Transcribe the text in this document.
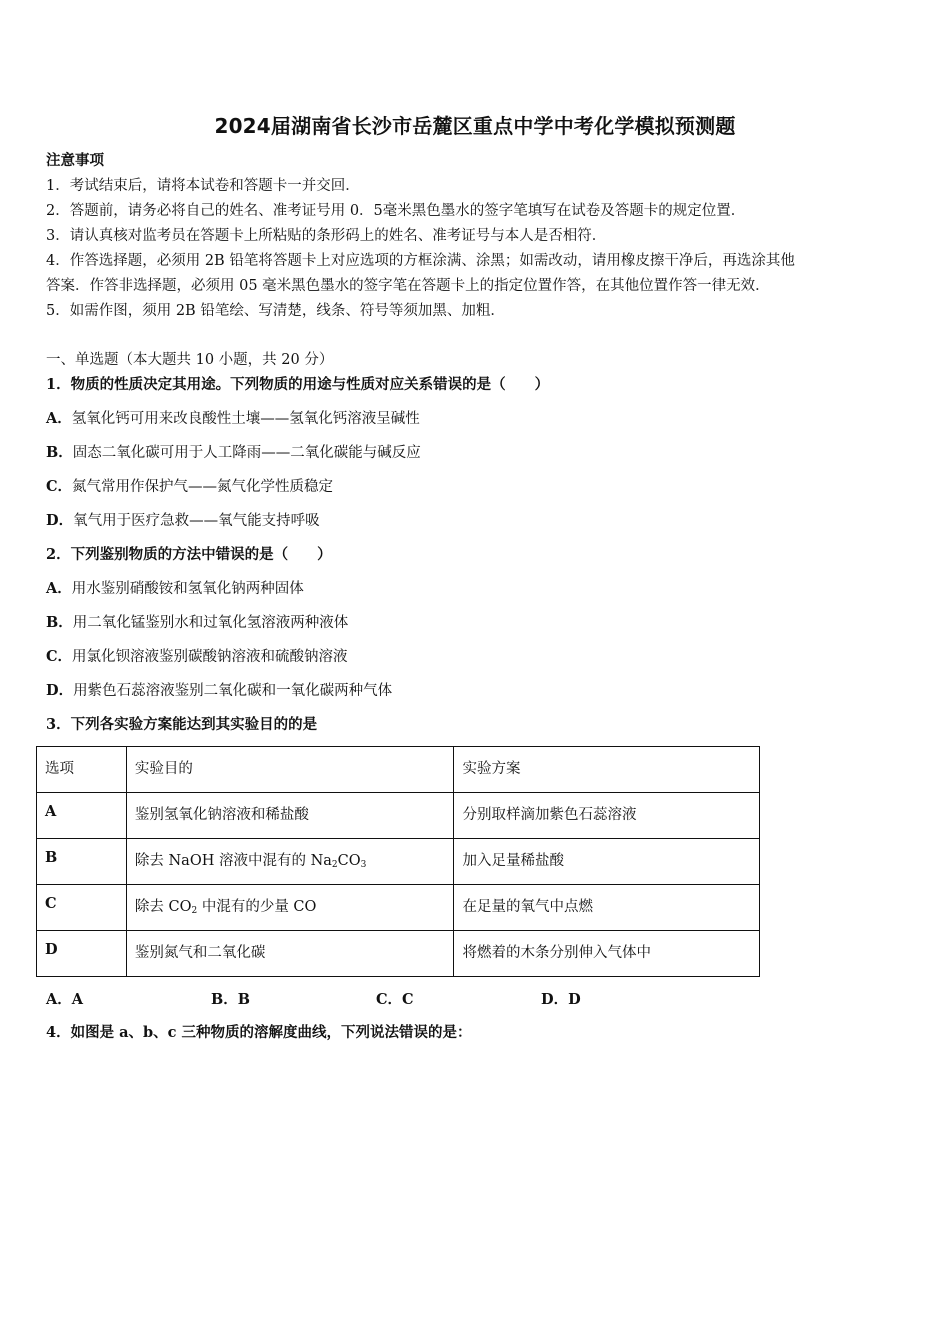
2024届湖南省长沙市岳麓区重点中学中考化学模拟预测题
注意事项
1．考试结束后，请将本试卷和答题卡一并交回．
2．答题前，请务必将自己的姓名、准考证号用 0．5毫米黑色墨水的签字笔填写在试卷及答题卡的规定位置．
3．请认真核对监考员在答题卡上所粘贴的条形码上的姓名、准考证号与本人是否相符．
4．作答选择题，必须用 2B 铅笔将答题卡上对应选项的方框涂满、涂黑；如需改动，请用橡皮擦干净后，再选涂其他
答案．作答非选择题，必须用 05 毫米黑色墨水的签字笔在答题卡上的指定位置作答，在其他位置作答一律无效．
5．如需作图，须用 2B 铅笔绘、写清楚，线条、符号等须加黑、加粗．
一、单选题（本大题共 10 小题，共 20 分）
1．物质的性质决定其用途。下列物质的用途与性质对应关系错误的是（　　）
A．氢氧化钙可用来改良酸性土壤——氢氧化钙溶液呈碱性
B．固态二氧化碳可用于人工降雨——二氧化碳能与碱反应
C．氮气常用作保护气——氮气化学性质稳定
D．氧气用于医疗急救——氧气能支持呼吸
2．下列鉴别物质的方法中错误的是（　　）
A．用水鉴别硝酸铵和氢氧化钠两种固体
B．用二氧化锰鉴别水和过氧化氢溶液两种液体
C．用氯化钡溶液鉴别碳酸钠溶液和硫酸钠溶液
D．用紫色石蕊溶液鉴别二氧化碳和一氧化碳两种气体
3．下列各实验方案能达到其实验目的的是
选项	实验目的	实验方案
A	鉴别氢氧化钠溶液和稀盐酸	分别取样滴加紫色石蕊溶液
B	除去 NaOH 溶液中混有的 $Na_2CO_3$	加入足量稀盐酸
C	除去 $CO_2$ 中混有的少量 CO	在足量的氧气中点燃
D	鉴别氮气和二氧化碳	将燃着的木条分别伸入气体中
A．A	B．B	C．C	D．D
4．如图是 a、b、c 三种物质的溶解度曲线，下列说法错误的是：
